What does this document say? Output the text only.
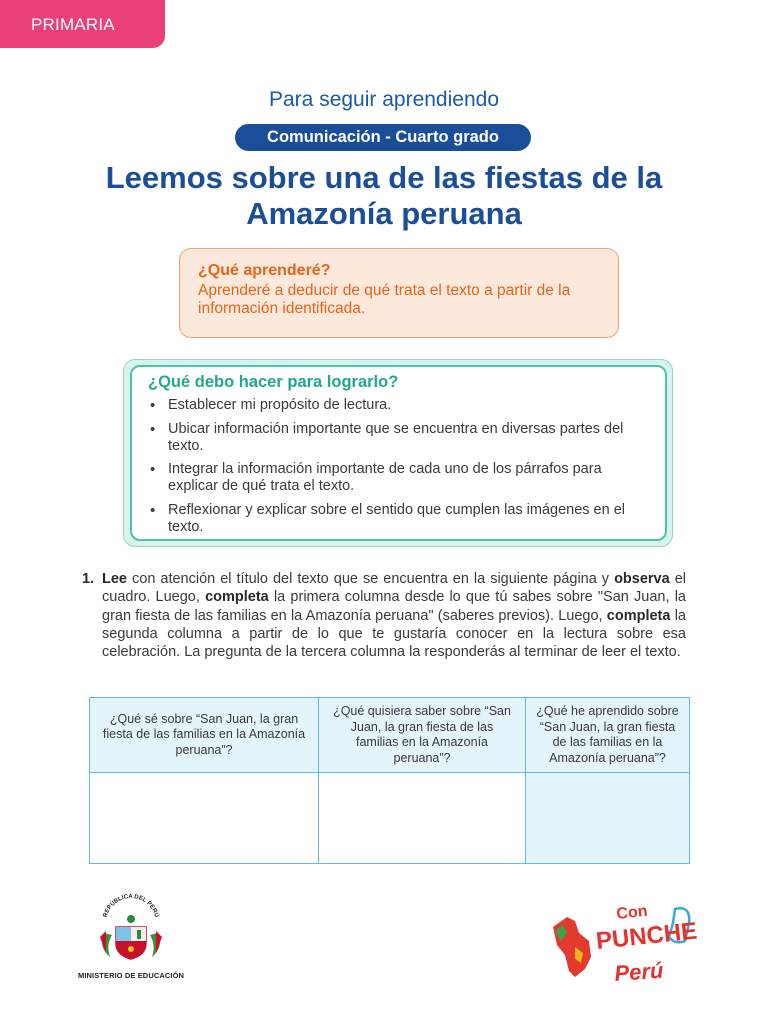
PRIMARIA
Para seguir aprendiendo
Comunicación - Cuarto grado
Leemos sobre una de las fiestas de la Amazonía peruana
¿Qué aprenderé?
Aprenderé a deducir de qué trata el texto a partir de la información identificada.
¿Qué debo hacer para lograrlo?
• Establecer mi propósito de lectura.
• Ubicar información importante que se encuentra en diversas partes del texto.
• Integrar la información importante de cada uno de los párrafos para explicar de qué trata el texto.
• Reflexionar y explicar sobre el sentido que cumplen las imágenes en el texto.
1. Lee con atención el título del texto que se encuentra en la siguiente página y observa el cuadro. Luego, completa la primera columna desde lo que tú sabes sobre "San Juan, la gran fiesta de las familias en la Amazonía peruana" (saberes previos). Luego, completa la segunda columna a partir de lo que te gustaría conocer en la lectura sobre esa celebración. La pregunta de la tercera columna la responderás al terminar de leer el texto.
¿Qué sé sobre “San Juan, la gran fiesta de las familias en la Amazonía peruana”?	¿Qué quisiera saber sobre “San Juan, la gran fiesta de las familias en la Amazonía peruana”?	¿Qué he aprendido sobre “San Juan, la gran fiesta de las familias en la Amazonía peruana”?

REPÚBLICA DEL PERÚ
MINISTERIO DE EDUCACIÓN
Con
PUNCHE
Perú
